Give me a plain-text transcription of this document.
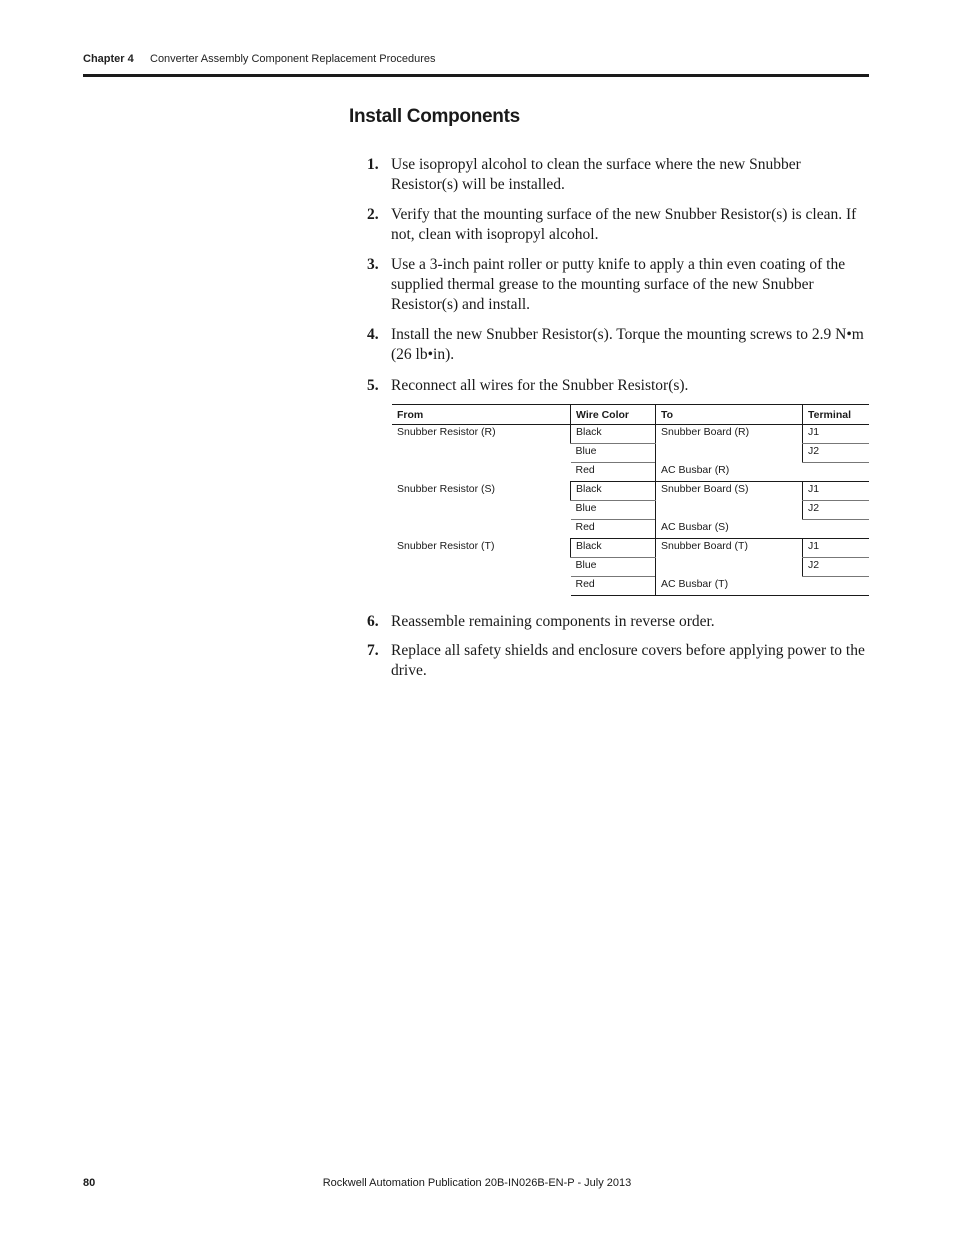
Chapter 4 Converter Assembly Component Replacement Procedures
Install Components
1. Use isopropyl alcohol to clean the surface where the new Snubber Resistor(s) will be installed.
2. Verify that the mounting surface of the new Snubber Resistor(s) is clean. If not, clean with isopropyl alcohol.
3. Use a 3-inch paint roller or putty knife to apply a thin even coating of the supplied thermal grease to the mounting surface of the new Snubber Resistor(s) and install.
4. Install the new Snubber Resistor(s). Torque the mounting screws to 2.9 N•m (26 lb•in).
5. Reconnect all wires for the Snubber Resistor(s).
From	Wire Color	To	Terminal
Snubber Resistor (R)	Black	Snubber Board (R)	J1
	Blue		J2
	Red	AC Busbar (R)	
Snubber Resistor (S)	Black	Snubber Board (S)	J1
	Blue		J2
	Red	AC Busbar (S)	
Snubber Resistor (T)	Black	Snubber Board (T)	J1
	Blue		J2
	Red	AC Busbar (T)	
6. Reassemble remaining components in reverse order.
7. Replace all safety shields and enclosure covers before applying power to the drive.
80	Rockwell Automation Publication 20B-IN026B-EN-P - July 2013
